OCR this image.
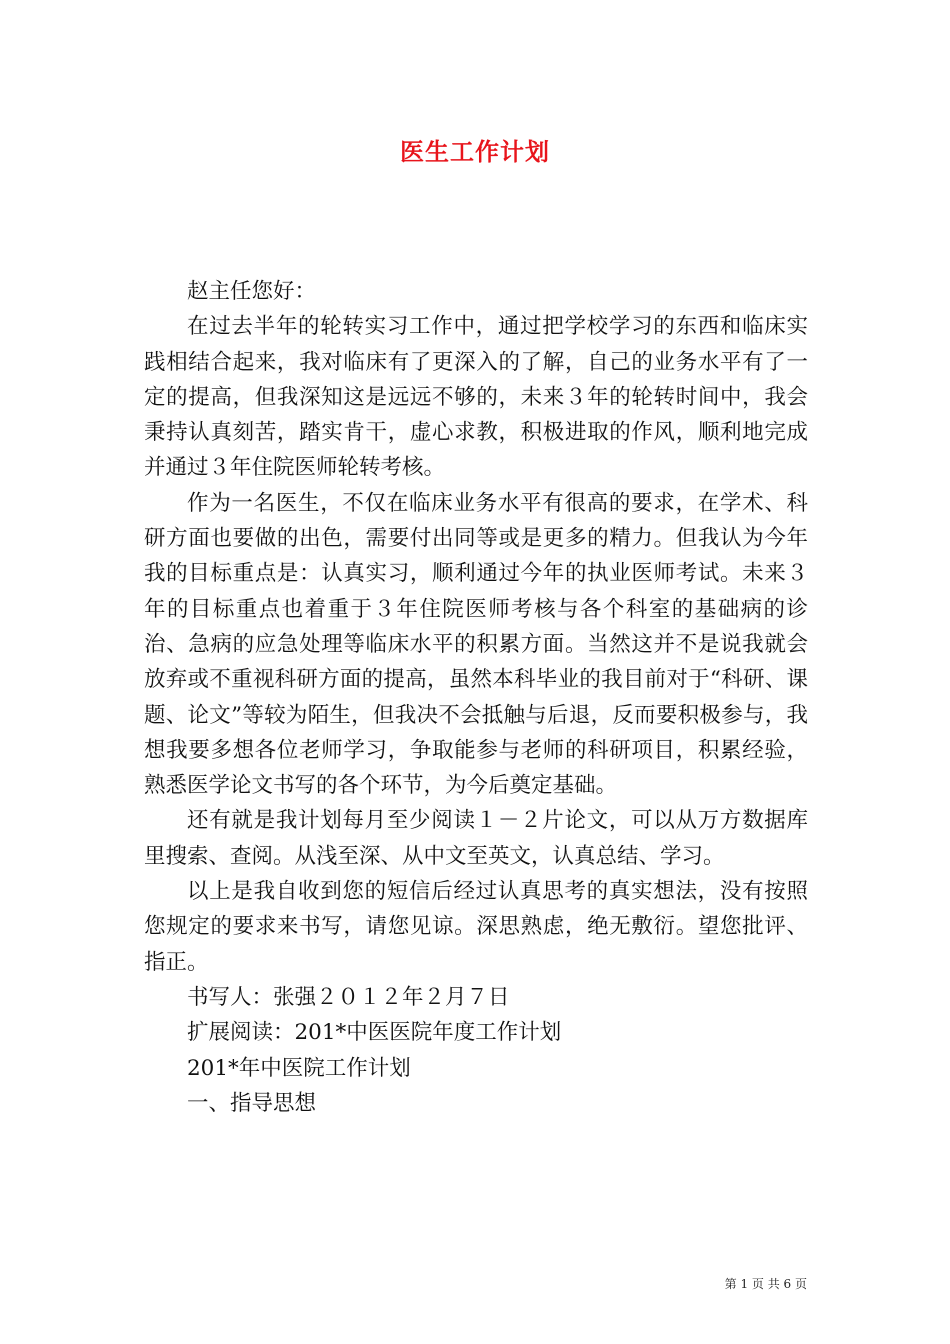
医生工作计划

赵主任您好：

在过去半年的轮转实习工作中，通过把学校学习的东西和临床实践相结合起来，我对临床有了更深入的了解，自己的业务水平有了一定的提高，但我深知这是远远不够的，未来３年的轮转时间中，我会秉持认真刻苦，踏实肯干，虚心求教，积极进取的作风，顺利地完成并通过３年住院医师轮转考核。

作为一名医生，不仅在临床业务水平有很高的要求，在学术、科研方面也要做的出色，需要付出同等或是更多的精力。但我认为今年我的目标重点是：认真实习，顺利通过今年的执业医师考试。未来３年的目标重点也着重于３年住院医师考核与各个科室的基础病的诊治、急病的应急处理等临床水平的积累方面。当然这并不是说我就会放弃或不重视科研方面的提高，虽然本科毕业的我目前对于“科研、课题、论文”等较为陌生，但我决不会抵触与后退，反而要积极参与，我想我要多想各位老师学习，争取能参与老师的科研项目，积累经验，熟悉医学论文书写的各个环节，为今后奠定基础。

还有就是我计划每月至少阅读１－２片论文，可以从万方数据库里搜索、查阅。从浅至深、从中文至英文，认真总结、学习。

以上是我自收到您的短信后经过认真思考的真实想法，没有按照您规定的要求来书写，请您见谅。深思熟虑，绝无敷衍。望您批评、指正。

书写人：张强２０１２年２月７日

扩展阅读：201*中医医院年度工作计划

201*年中医院工作计划

一、指导思想

第 1 页 共 6 页
